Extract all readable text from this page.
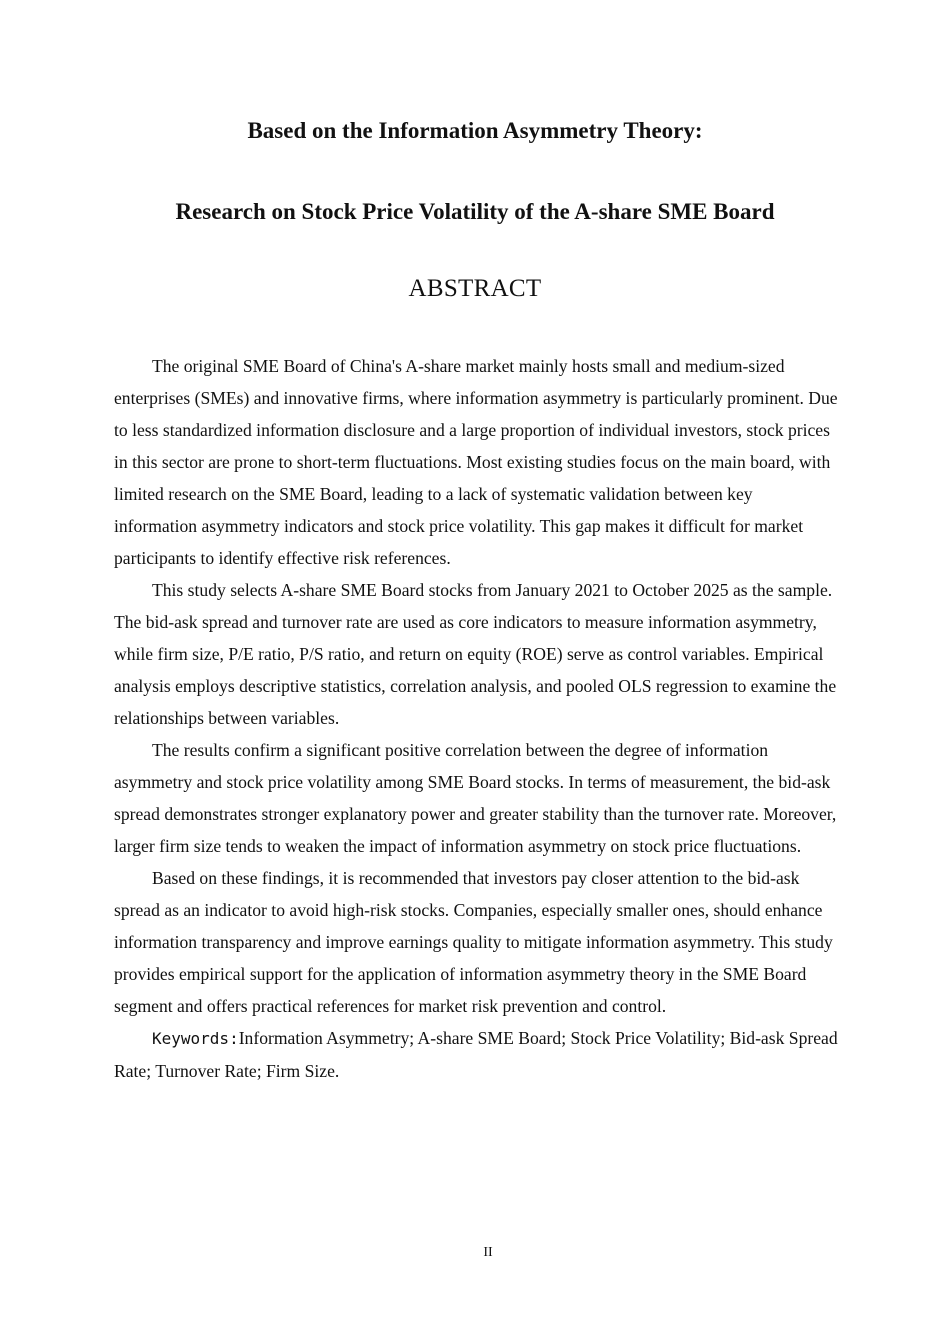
Based on the Information Asymmetry Theory:
Research on Stock Price Volatility of the A-share SME Board
ABSTRACT

The original SME Board of China's A-share market mainly hosts small and medium-sized enterprises (SMEs) and innovative firms, where information asymmetry is particularly prominent. Due to less standardized information disclosure and a large proportion of individual investors, stock prices in this sector are prone to short-term fluctuations. Most existing studies focus on the main board, with limited research on the SME Board, leading to a lack of systematic validation between key information asymmetry indicators and stock price volatility. This gap makes it difficult for market participants to identify effective risk references.

This study selects A-share SME Board stocks from January 2021 to October 2025 as the sample. The bid-ask spread and turnover rate are used as core indicators to measure information asymmetry, while firm size, P/E ratio, P/S ratio, and return on equity (ROE) serve as control variables. Empirical analysis employs descriptive statistics, correlation analysis, and pooled OLS regression to examine the relationships between variables.

The results confirm a significant positive correlation between the degree of information asymmetry and stock price volatility among SME Board stocks. In terms of measurement, the bid-ask spread demonstrates stronger explanatory power and greater stability than the turnover rate. Moreover, larger firm size tends to weaken the impact of information asymmetry on stock price fluctuations.

Based on these findings, it is recommended that investors pay closer attention to the bid-ask spread as an indicator to avoid high-risk stocks. Companies, especially smaller ones, should enhance information transparency and improve earnings quality to mitigate information asymmetry. This study provides empirical support for the application of information asymmetry theory in the SME Board segment and offers practical references for market risk prevention and control.

Keywords:Information Asymmetry; A-share SME Board; Stock Price Volatility; Bid-ask Spread Rate; Turnover Rate; Firm Size.

II
